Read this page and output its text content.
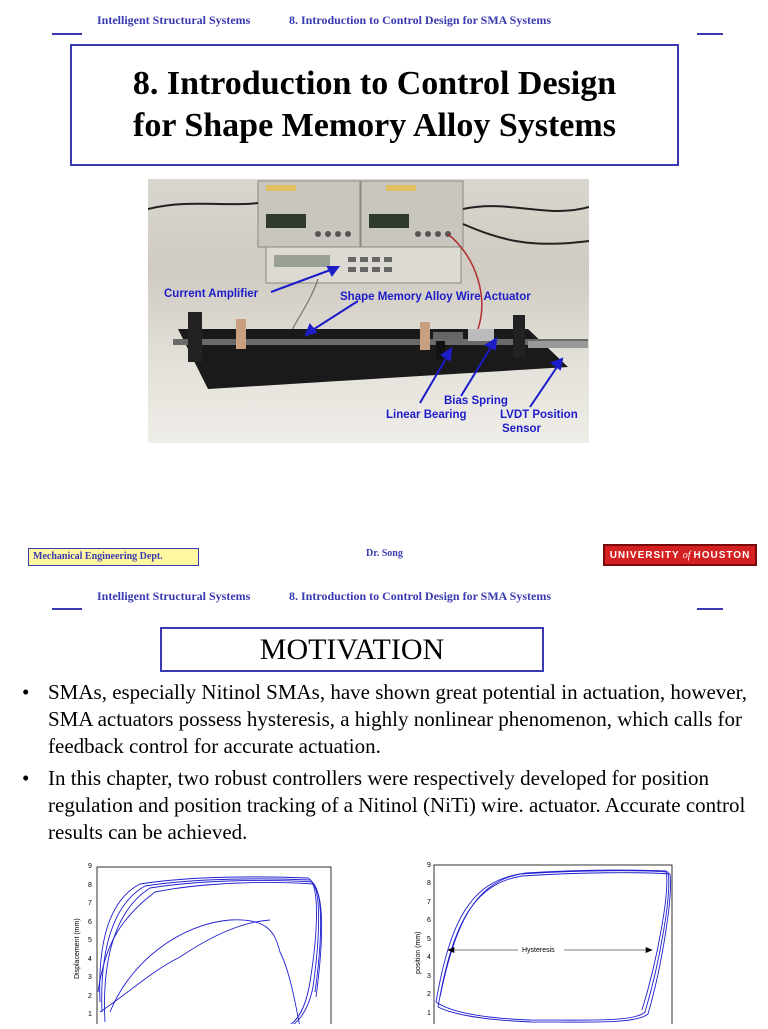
Intelligent Structural Systems	8. Introduction to Control Design for SMA Systems
8. Introduction to Control Design
for Shape Memory Alloy Systems
Current Amplifier	Shape Memory Alloy Wire Actuator
Bias Spring
Linear Bearing	LVDT Position
Sensor
Mechanical Engineering Dept.	Dr. Song	UNIVERSITY of HOUSTON
Intelligent Structural Systems	8. Introduction to Control Design for SMA Systems
MOTIVATION
• SMAs, especially Nitinol SMAs, have shown great potential in actuation, however, SMA actuators possess hysteresis, a highly nonlinear phenomenon, which calls for feedback control for accurate actuation.
• In this chapter, two robust controllers were respectively developed for position regulation and position tracking of a Nitinol (NiTi) wire. actuator. Accurate control results can be achieved.
Displacement (mm)
9
8
7
6
5
4
3
2
1
position (mm)
9
8
7
6
5
4
3
2
1
Hysteresis
